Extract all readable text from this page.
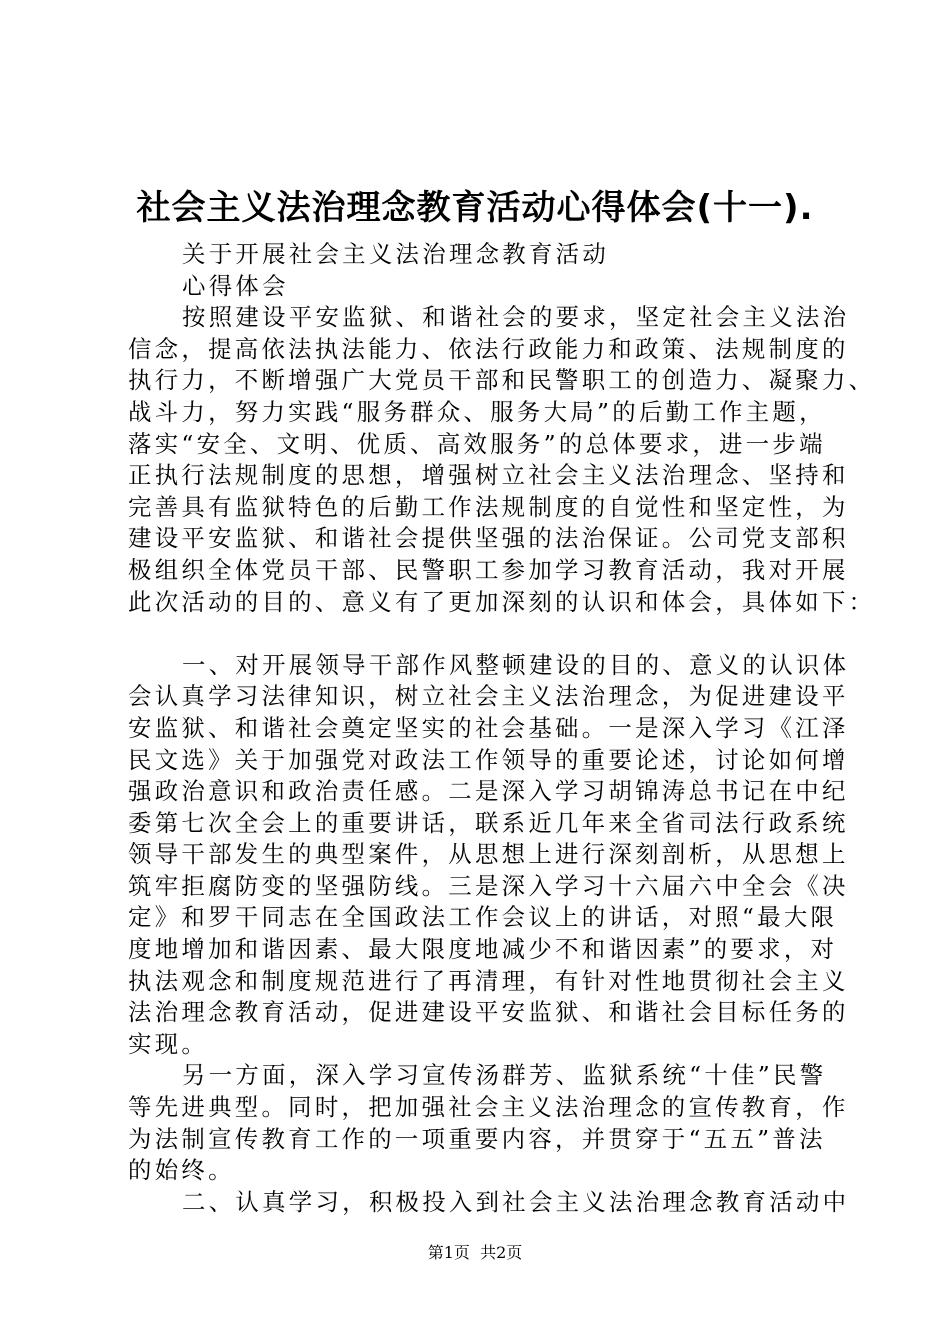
社会主义法治理念教育活动心得体会(十一).
关于开展社会主义法治理念教育活动
心得体会
按照建设平安监狱、和谐社会的要求，坚定社会主义法治
信念，提高依法执法能力、依法行政能力和政策、法规制度的
执行力，不断增强广大党员干部和民警职工的创造力、凝聚力、
战斗力，努力实践“服务群众、服务大局”的后勤工作主题，
落实“安全、文明、优质、高效服务”的总体要求，进一步端
正执行法规制度的思想，增强树立社会主义法治理念、坚持和
完善具有监狱特色的后勤工作法规制度的自觉性和坚定性，为
建设平安监狱、和谐社会提供坚强的法治保证。公司党支部积
极组织全体党员干部、民警职工参加学习教育活动，我对开展
此次活动的目的、意义有了更加深刻的认识和体会，具体如下：
一、对开展领导干部作风整顿建设的目的、意义的认识体
会认真学习法律知识，树立社会主义法治理念，为促进建设平
安监狱、和谐社会奠定坚实的社会基础。一是深入学习《江泽
民文选》关于加强党对政法工作领导的重要论述，讨论如何增
强政治意识和政治责任感。二是深入学习胡锦涛总书记在中纪
委第七次全会上的重要讲话，联系近几年来全省司法行政系统
领导干部发生的典型案件，从思想上进行深刻剖析，从思想上
筑牢拒腐防变的坚强防线。三是深入学习十六届六中全会《决
定》和罗干同志在全国政法工作会议上的讲话，对照“最大限
度地增加和谐因素、最大限度地减少不和谐因素”的要求，对
执法观念和制度规范进行了再清理，有针对性地贯彻社会主义
法治理念教育活动，促进建设平安监狱、和谐社会目标任务的
实现。
另一方面，深入学习宣传汤群芳、监狱系统“十佳”民警
等先进典型。同时，把加强社会主义法治理念的宣传教育，作
为法制宣传教育工作的一项重要内容，并贯穿于“五五”普法
的始终。
二、认真学习，积极投入到社会主义法治理念教育活动中
第1页  共2页
